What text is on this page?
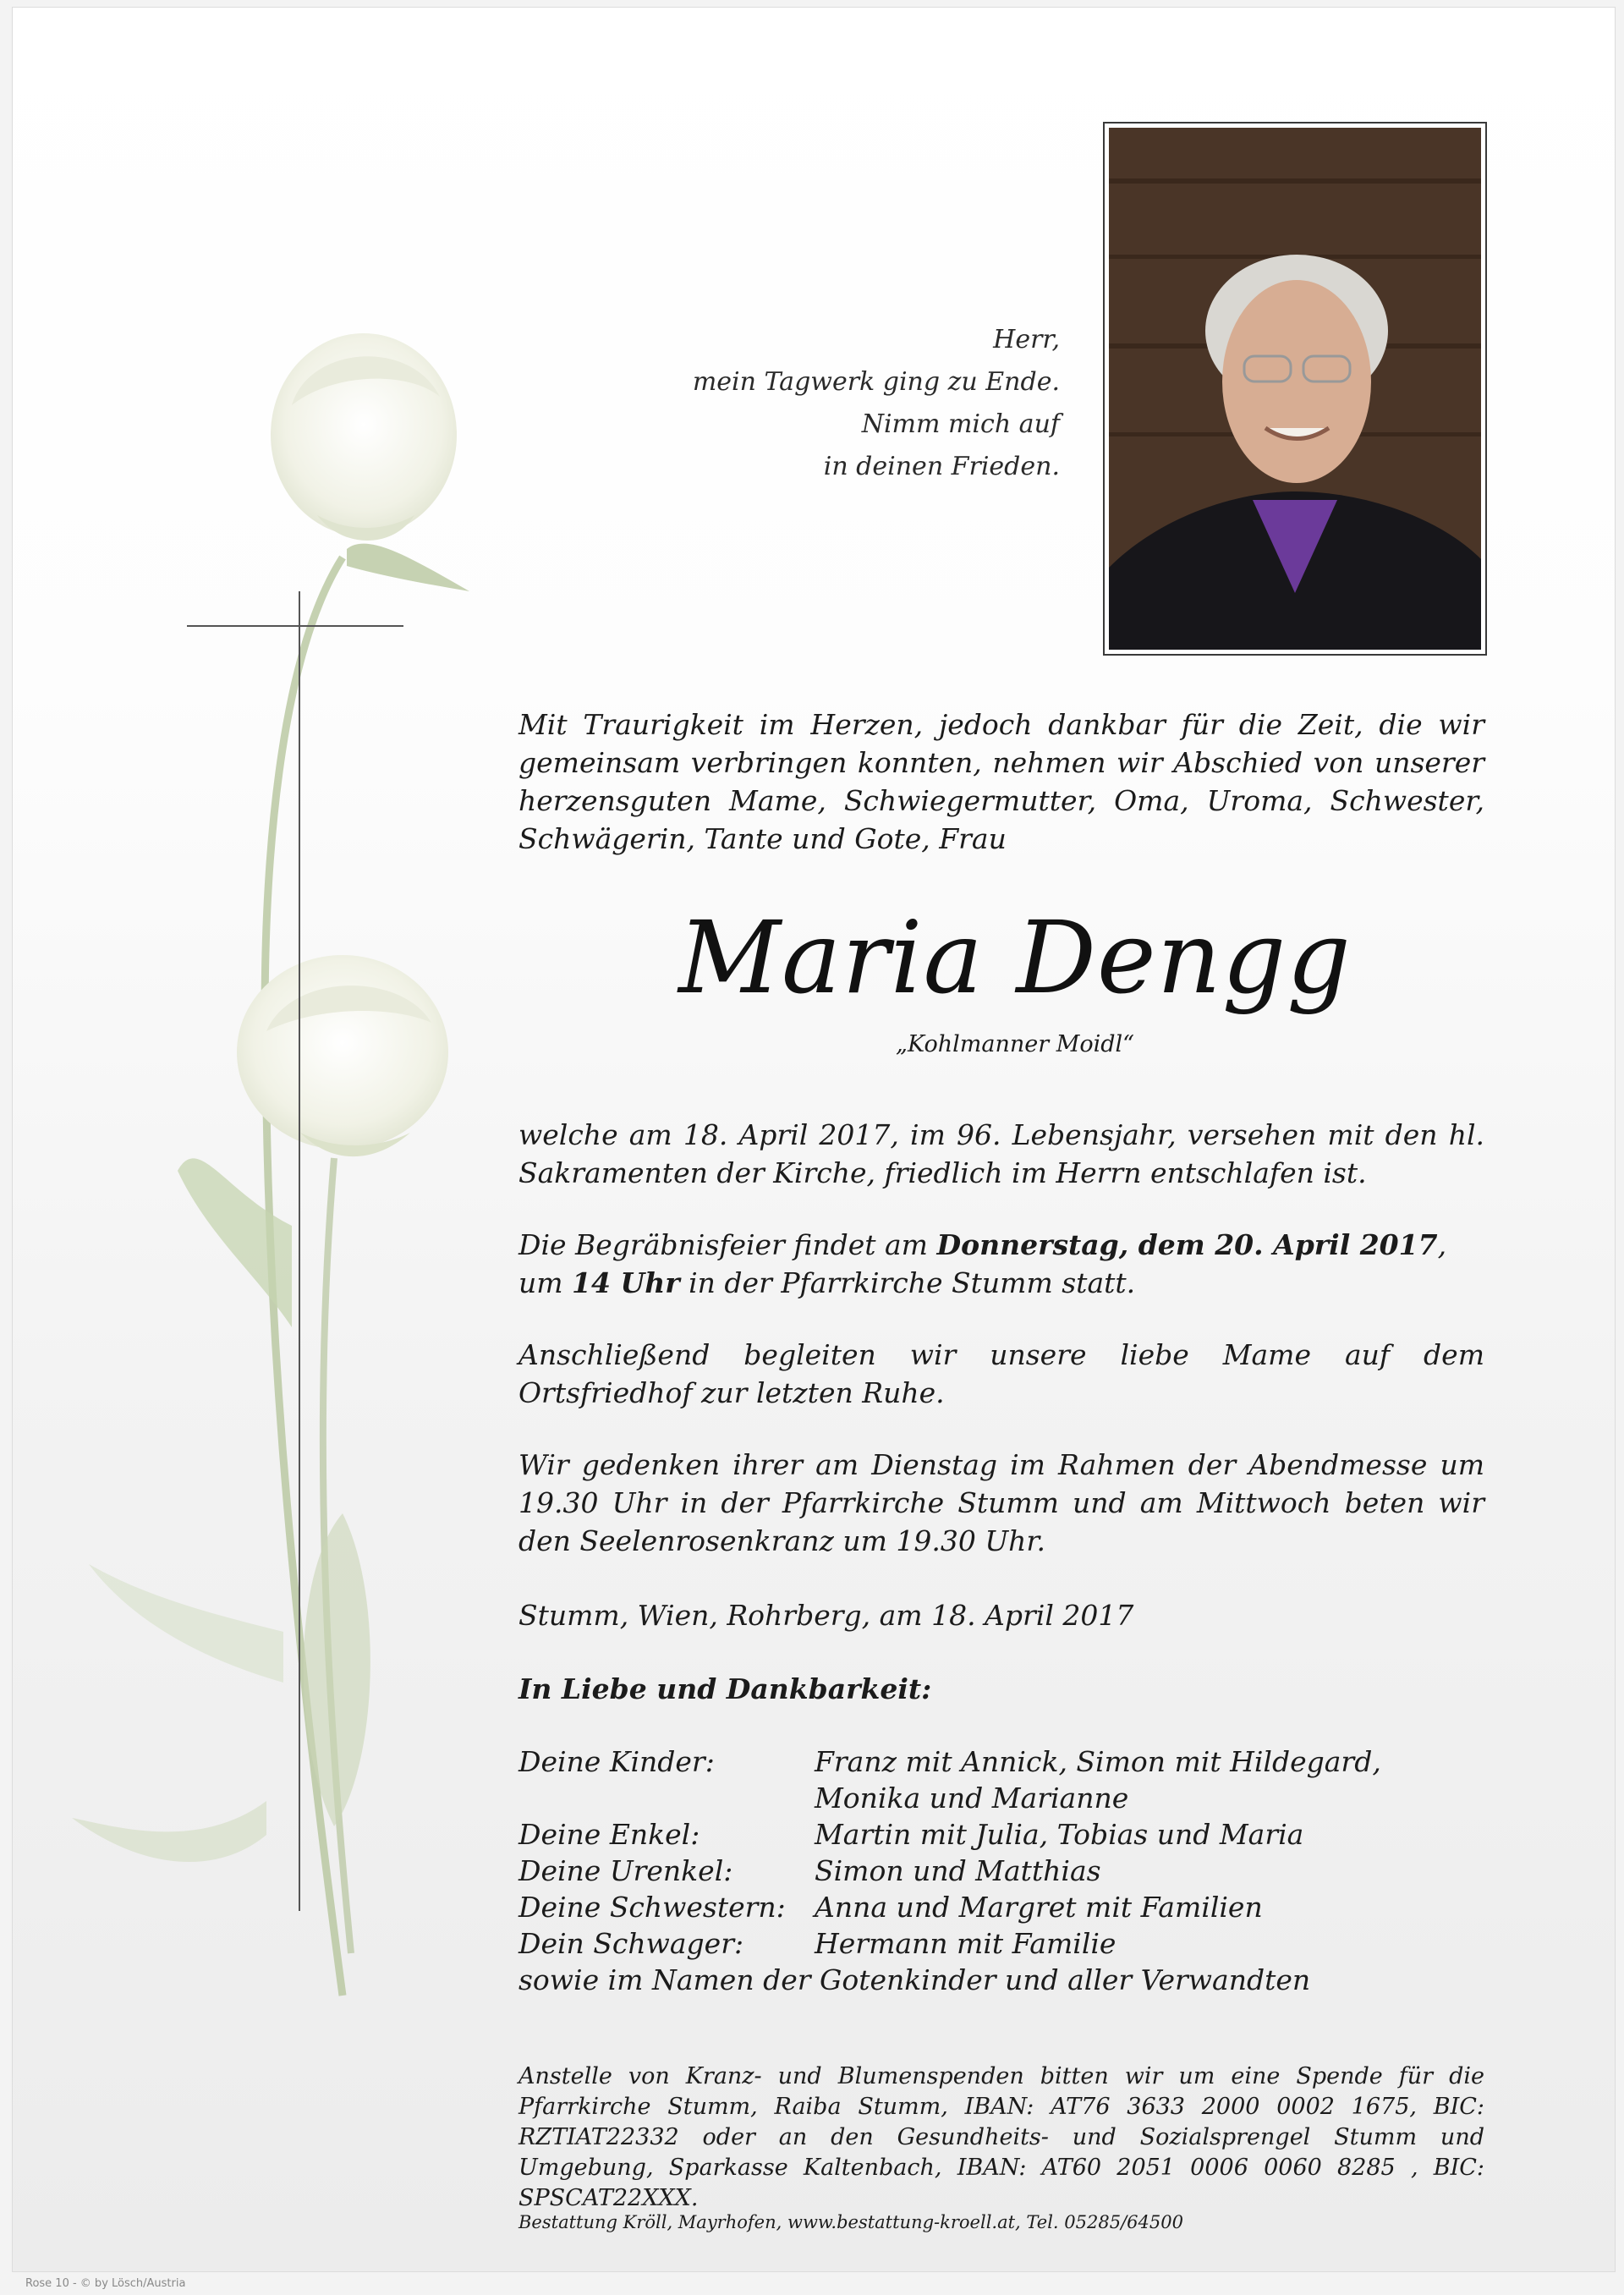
Herr,
mein Tagwerk ging zu Ende.
Nimm mich auf
in deinen Frieden.
Mit Traurigkeit im Herzen, jedoch dankbar für die Zeit, die wir gemeinsam verbringen konnten, nehmen wir Abschied von unserer herzensguten Mame, Schwiegermutter, Oma, Uroma, Schwester, Schwägerin, Tante und Gote, Frau
Maria Dengg
„Kohlmanner Moidl“
welche am 18. April 2017, im 96. Lebensjahr, versehen mit den hl. Sakramenten der Kirche, friedlich im Herrn entschlafen ist.
Die Begräbnisfeier findet am Donnerstag, dem 20. April 2017, um 14 Uhr in der Pfarrkirche Stumm statt.
Anschließend begleiten wir unsere liebe Mame auf dem Ortsfriedhof zur letzten Ruhe.
Wir gedenken ihrer am Dienstag im Rahmen der Abendmesse um 19.30 Uhr in der Pfarrkirche Stumm und am Mittwoch beten wir den Seelenrosenkranz um 19.30 Uhr.
Stumm, Wien, Rohrberg, am 18. April 2017
In Liebe und Dankbarkeit:
Deine Kinder:	Franz mit Annick, Simon mit Hildegard, Monika und Marianne
Deine Enkel:	Martin mit Julia, Tobias und Maria
Deine Urenkel:	Simon und Matthias
Deine Schwestern:	Anna und Margret mit Familien
Dein Schwager:	Hermann mit Familie
sowie im Namen der Gotenkinder und aller Verwandten
Anstelle von Kranz- und Blumenspenden bitten wir um eine Spende für die Pfarrkirche Stumm, Raiba Stumm, IBAN: AT76 3633 2000 0002 1675, BIC: RZTIAT22332 oder an den Gesundheits- und Sozialsprengel Stumm und Umgebung, Sparkasse Kaltenbach, IBAN: AT60 2051 0006 0060 8285 , BIC: SPSCAT22XXX.
Bestattung Kröll, Mayrhofen, www.bestattung-kroell.at, Tel. 05285/64500
Rose 10 - © by Lösch/Austria
